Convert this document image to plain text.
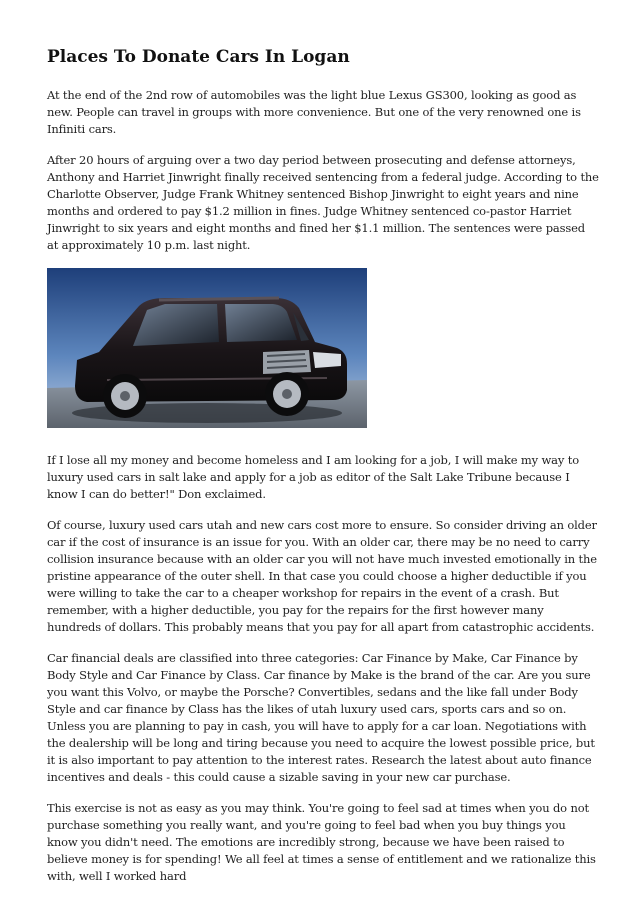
Places To Donate Cars In Logan

At the end of the 2nd row of automobiles was the light blue Lexus GS300, looking as good as new. People can travel in groups with more convenience. But one of the very renowned one is Infiniti cars.

After 20 hours of arguing over a two day period between prosecuting and defense attorneys, Anthony and Harriet Jinwright finally received sentencing from a federal judge. According to the Charlotte Observer, Judge Frank Whitney sentenced Bishop Jinwright to eight years and nine months and ordered to pay $1.2 million in fines. Judge Whitney sentenced co-pastor Harriet Jinwright to six years and eight months and fined her $1.1 million. The sentences were passed at approximately 10 p.m. last night.

If I lose all my money and become homeless and I am looking for a job, I will make my way to luxury used cars in salt lake and apply for a job as editor of the Salt Lake Tribune because I know I can do better!" Don exclaimed.

Of course, luxury used cars utah and new cars cost more to ensure. So consider driving an older car if the cost of insurance is an issue for you. With an older car, there may be no need to carry collision insurance because with an older car you will not have much invested emotionally in the pristine appearance of the outer shell. In that case you could choose a higher deductible if you were willing to take the car to a cheaper workshop for repairs in the event of a crash. But remember, with a higher deductible, you pay for the repairs for the first however many hundreds of dollars. This probably means that you pay for all apart from catastrophic accidents.

Car financial deals are classified into three categories: Car Finance by Make, Car Finance by Body Style and Car Finance by Class. Car finance by Make is the brand of the car. Are you sure you want this Volvo, or maybe the Porsche? Convertibles, sedans and the like fall under Body Style and car finance by Class has the likes of utah luxury used cars, sports cars and so on. Unless you are planning to pay in cash, you will have to apply for a car loan. Negotiations with the dealership will be long and tiring because you need to acquire the lowest possible price, but it is also important to pay attention to the interest rates. Research the latest about auto finance incentives and deals - this could cause a sizable saving in your new car purchase.

This exercise is not as easy as you may think. You're going to feel sad at times when you do not purchase something you really want, and you're going to feel bad when you buy things you know you didn't need. The emotions are incredibly strong, because we have been raised to believe money is for spending! We all feel at times a sense of entitlement and we rationalize this with, well I worked hard
